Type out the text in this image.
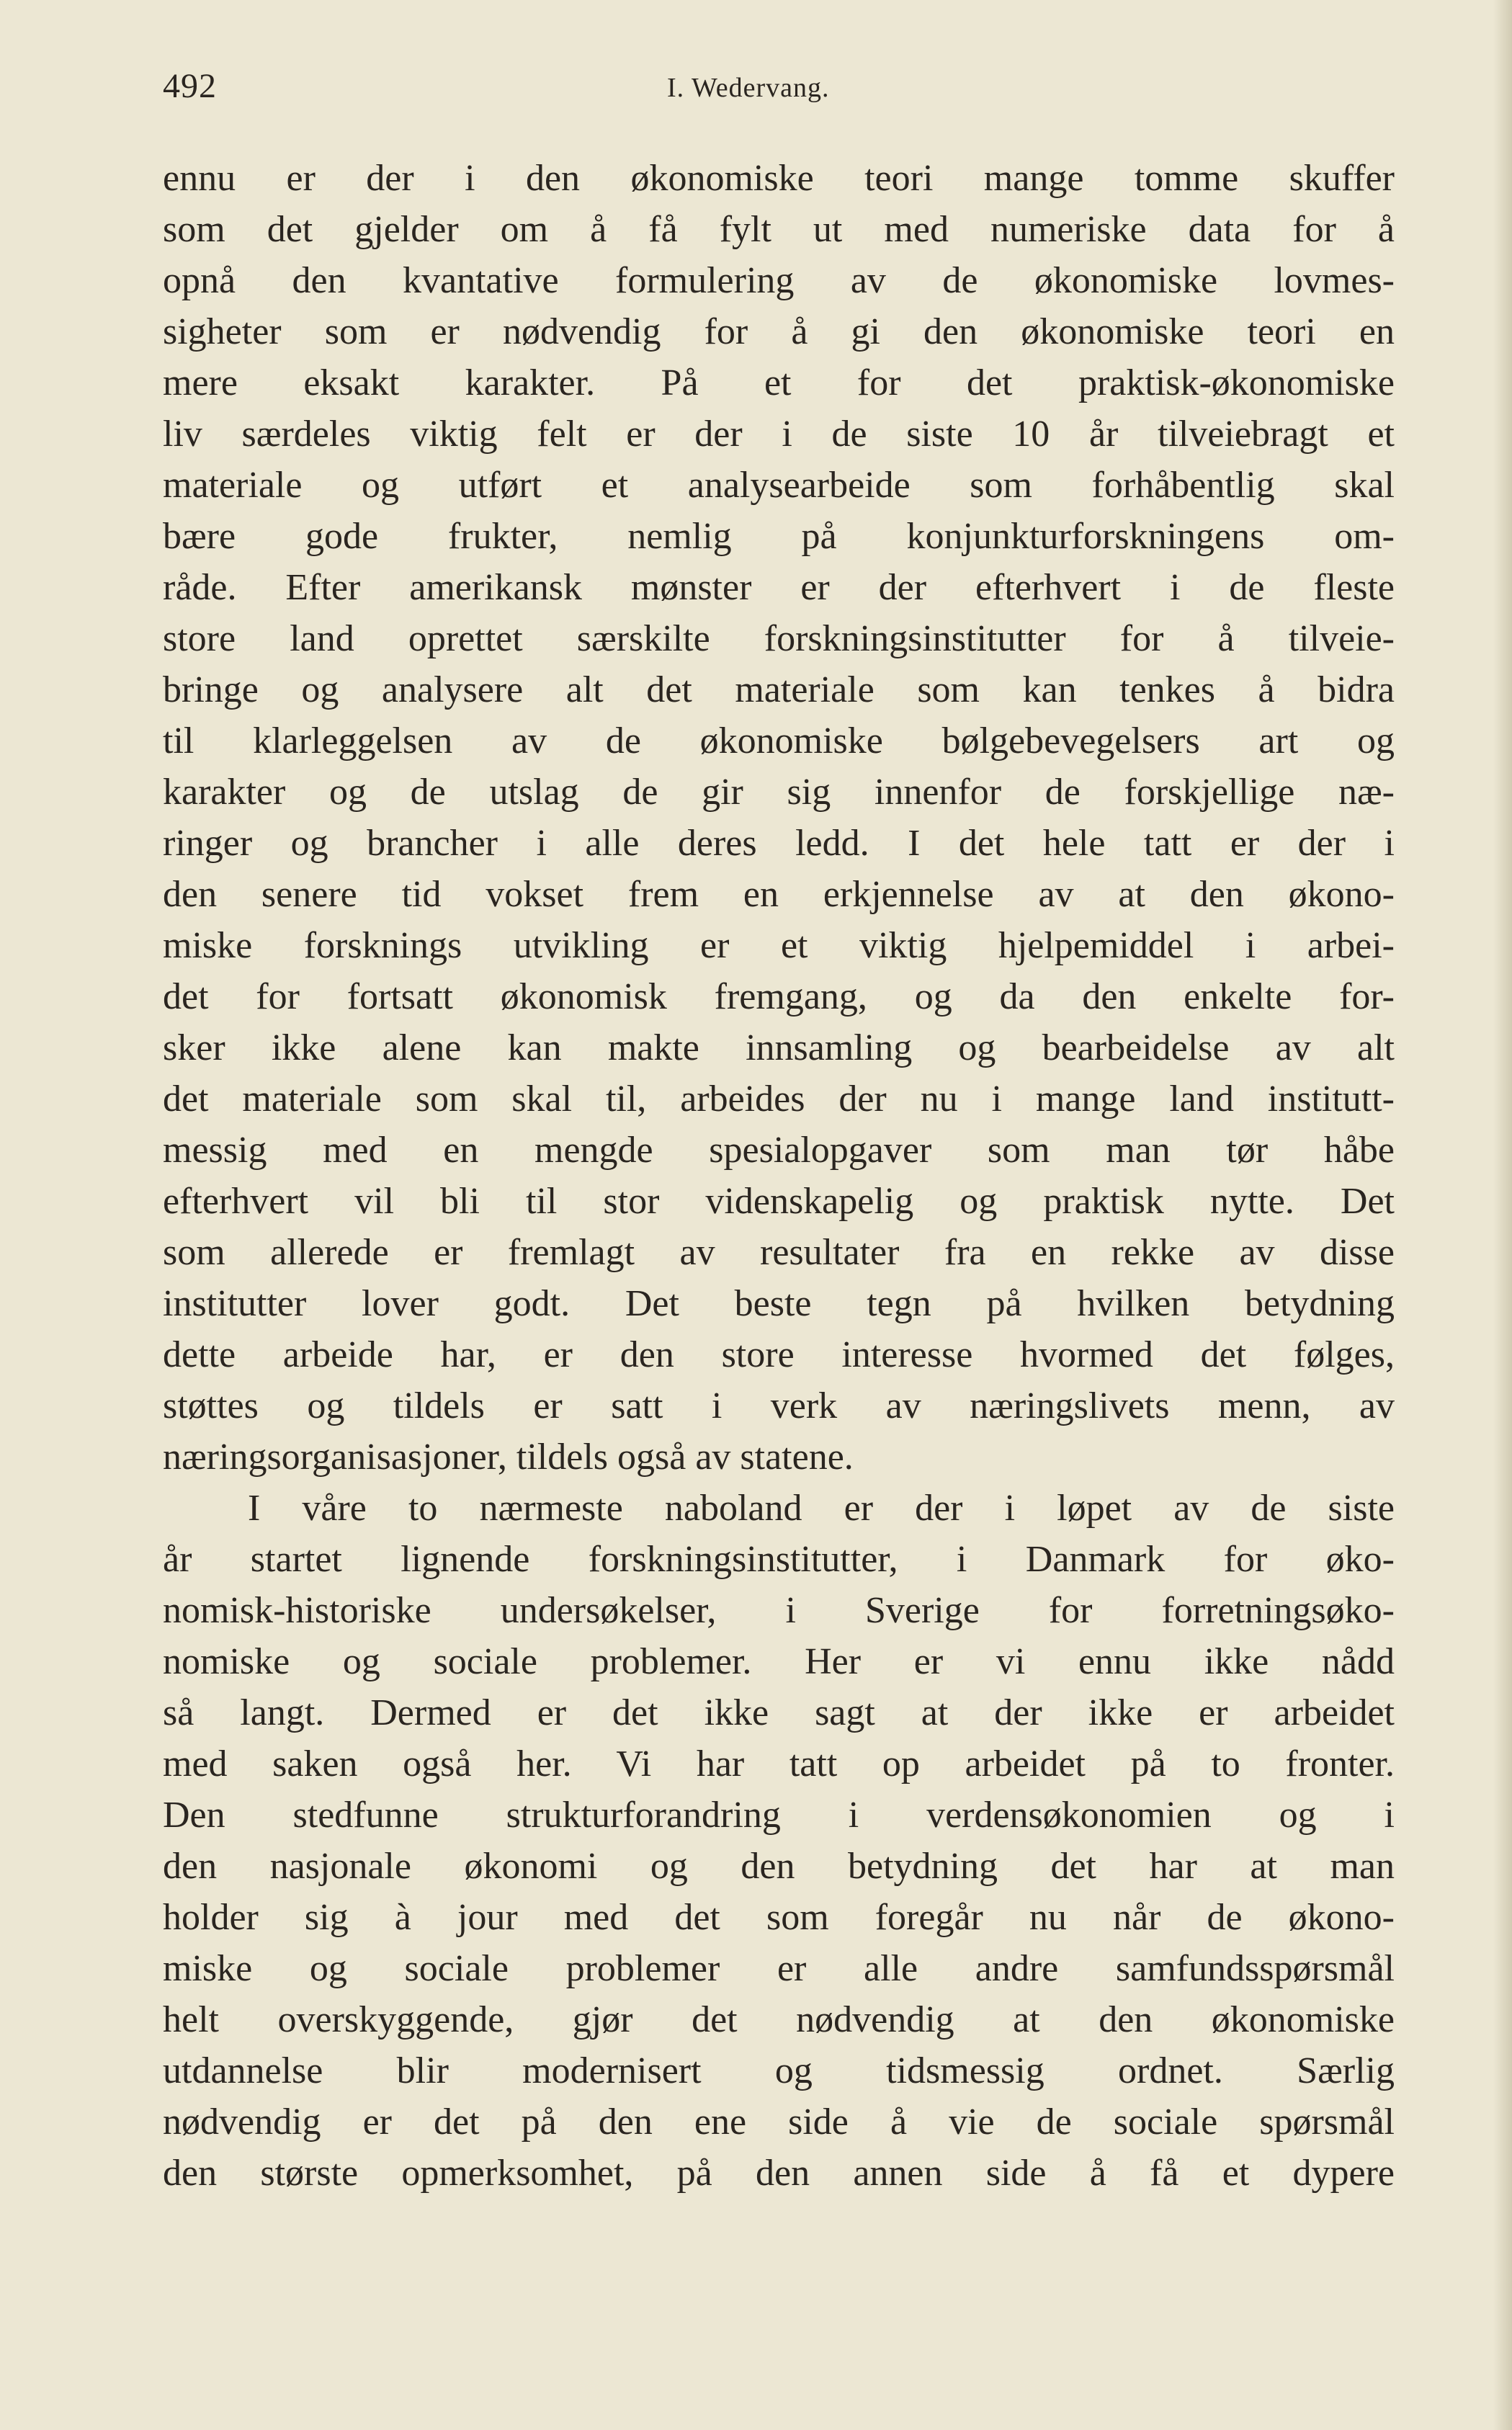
492	I. Wedervang.
ennu er der i den økonomiske teori mange tomme skuffer
som det gjelder om å få fylt ut med numeriske data for å
opnå den kvantative formulering av de økonomiske lovmes-
sigheter som er nødvendig for å gi den økonomiske teori en
mere eksakt karakter. På et for det praktisk-økonomiske
liv særdeles viktig felt er der i de siste 10 år tilveiebragt et
materiale og utført et analysearbeide som forhåbentlig skal
bære gode frukter, nemlig på konjunkturforskningens om-
råde. Efter amerikansk mønster er der efterhvert i de fleste
store land oprettet særskilte forskningsinstitutter for å tilveie-
bringe og analysere alt det materiale som kan tenkes å bidra
til klarleggelsen av de økonomiske bølgebevegelsers art og
karakter og de utslag de gir sig innenfor de forskjellige næ-
ringer og brancher i alle deres ledd. I det hele tatt er der i
den senere tid vokset frem en erkjennelse av at den økono-
miske forsknings utvikling er et viktig hjelpemiddel i arbei-
det for fortsatt økonomisk fremgang, og da den enkelte for-
sker ikke alene kan makte innsamling og bearbeidelse av alt
det materiale som skal til, arbeides der nu i mange land institutt-
messig med en mengde spesialopgaver som man tør håbe
efterhvert vil bli til stor videnskapelig og praktisk nytte. Det
som allerede er fremlagt av resultater fra en rekke av disse
institutter lover godt. Det beste tegn på hvilken betydning
dette arbeide har, er den store interesse hvormed det følges,
støttes og tildels er satt i verk av næringslivets menn, av
næringsorganisasjoner, tildels også av statene.
I våre to nærmeste naboland er der i løpet av de siste
år startet lignende forskningsinstitutter, i Danmark for øko-
nomisk-historiske undersøkelser, i Sverige for forretningsøko-
nomiske og sociale problemer. Her er vi ennu ikke nådd
så langt. Dermed er det ikke sagt at der ikke er arbeidet
med saken også her. Vi har tatt op arbeidet på to fronter.
Den stedfunne strukturforandring i verdensøkonomien og i
den nasjonale økonomi og den betydning det har at man
holder sig à jour med det som foregår nu når de økono-
miske og sociale problemer er alle andre samfundsspørsmål
helt overskyggende, gjør det nødvendig at den økonomiske
utdannelse blir modernisert og tidsmessig ordnet. Særlig
nødvendig er det på den ene side å vie de sociale spørsmål
den største opmerksomhet, på den annen side å få et dypere
